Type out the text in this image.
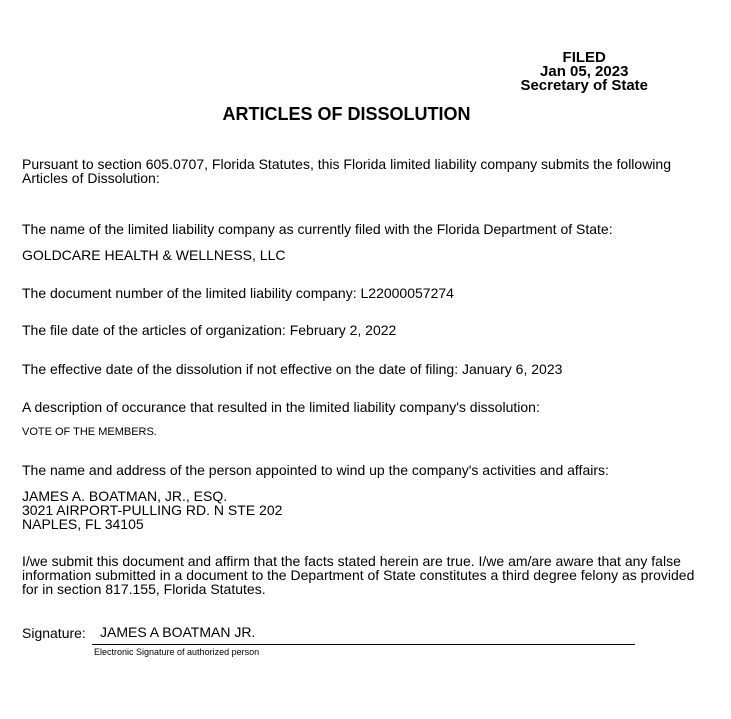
FILED
Jan 05, 2023
Secretary of State
ARTICLES OF DISSOLUTION
Pursuant to section 605.0707, Florida Statutes, this Florida limited liability company submits the following
Articles of Dissolution:
The name of the limited liability company as currently filed with the Florida Department of State:
GOLDCARE HEALTH & WELLNESS, LLC
The document number of the limited liability company: L22000057274
The file date of the articles of organization: February 2, 2022
The effective date of the dissolution if not effective on the date of filing: January 6, 2023
A description of occurance that resulted in the limited liability company's dissolution:
VOTE OF THE MEMBERS.
The name and address of the person appointed to wind up the company's activities and affairs:
JAMES A. BOATMAN, JR., ESQ.
3021 AIRPORT-PULLING RD. N STE 202
NAPLES, FL 34105
I/we submit this document and affirm that the facts stated herein are true. I/we am/are aware that any false
information submitted in a document to the Department of State constitutes a third degree felony as provided
for in section 817.155, Florida Statutes.
Signature: JAMES A BOATMAN JR.
Electronic Signature of authorized person
